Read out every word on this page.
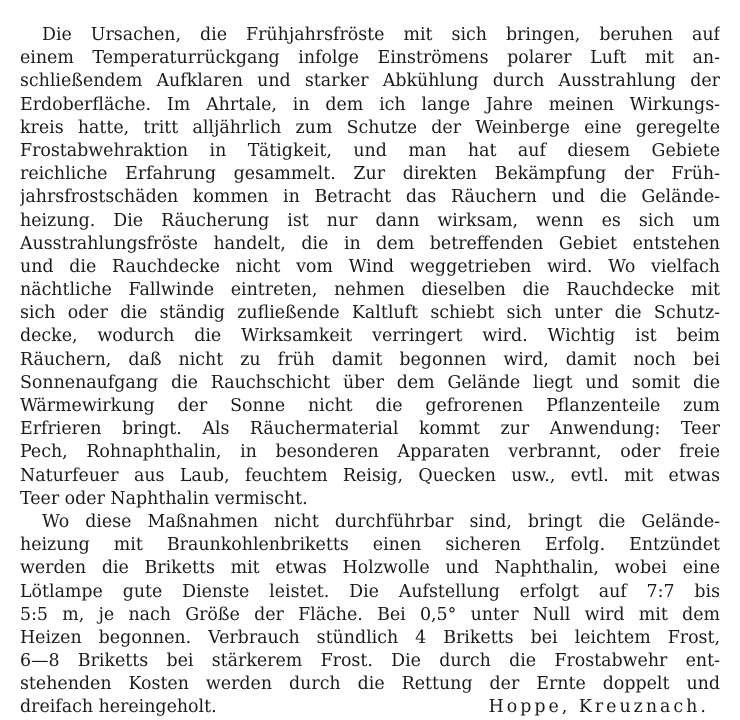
Die Ursachen, die Frühjahrsfröste mit sich bringen, beruhen auf
einem Temperaturrückgang infolge Einströmens polarer Luft mit an-
schließendem Aufklaren und starker Abkühlung durch Ausstrahlung der
Erdoberfläche. Im Ahrtale, in dem ich lange Jahre meinen Wirkungs-
kreis hatte, tritt alljährlich zum Schutze der Weinberge eine geregelte
Frostabwehraktion in Tätigkeit, und man hat auf diesem Gebiete
reichliche Erfahrung gesammelt. Zur direkten Bekämpfung der Früh-
jahrsfrostschäden kommen in Betracht das Räuchern und die Gelände-
heizung. Die Räucherung ist nur dann wirksam, wenn es sich um
Ausstrahlungsfröste handelt, die in dem betreffenden Gebiet entstehen
und die Rauchdecke nicht vom Wind weggetrieben wird. Wo vielfach
nächtliche Fallwinde eintreten, nehmen dieselben die Rauchdecke mit
sich oder die ständig zufließende Kaltluft schiebt sich unter die Schutz-
decke, wodurch die Wirksamkeit verringert wird. Wichtig ist beim
Räuchern, daß nicht zu früh damit begonnen wird, damit noch bei
Sonnenaufgang die Rauchschicht über dem Gelände liegt und somit die
Wärmewirkung der Sonne nicht die gefrorenen Pflanzenteile zum
Erfrieren bringt. Als Räuchermaterial kommt zur Anwendung: Teer
Pech, Rohnaphthalin, in besonderen Apparaten verbrannt, oder freie
Naturfeuer aus Laub, feuchtem Reisig, Quecken usw., evtl. mit etwas
Teer oder Naphthalin vermischt.
Wo diese Maßnahmen nicht durchführbar sind, bringt die Gelände-
heizung mit Braunkohlenbriketts einen sicheren Erfolg. Entzündet
werden die Briketts mit etwas Holzwolle und Naphthalin, wobei eine
Lötlampe gute Dienste leistet. Die Aufstellung erfolgt auf 7:7 bis
5:5 m, je nach Größe der Fläche. Bei 0,5° unter Null wird mit dem
Heizen begonnen. Verbrauch stündlich 4 Briketts bei leichtem Frost,
6—8 Briketts bei stärkerem Frost. Die durch die Frostabwehr ent-
stehenden Kosten werden durch die Rettung der Ernte doppelt und
dreifach hereingeholt.	Hoppe, Kreuznach.
